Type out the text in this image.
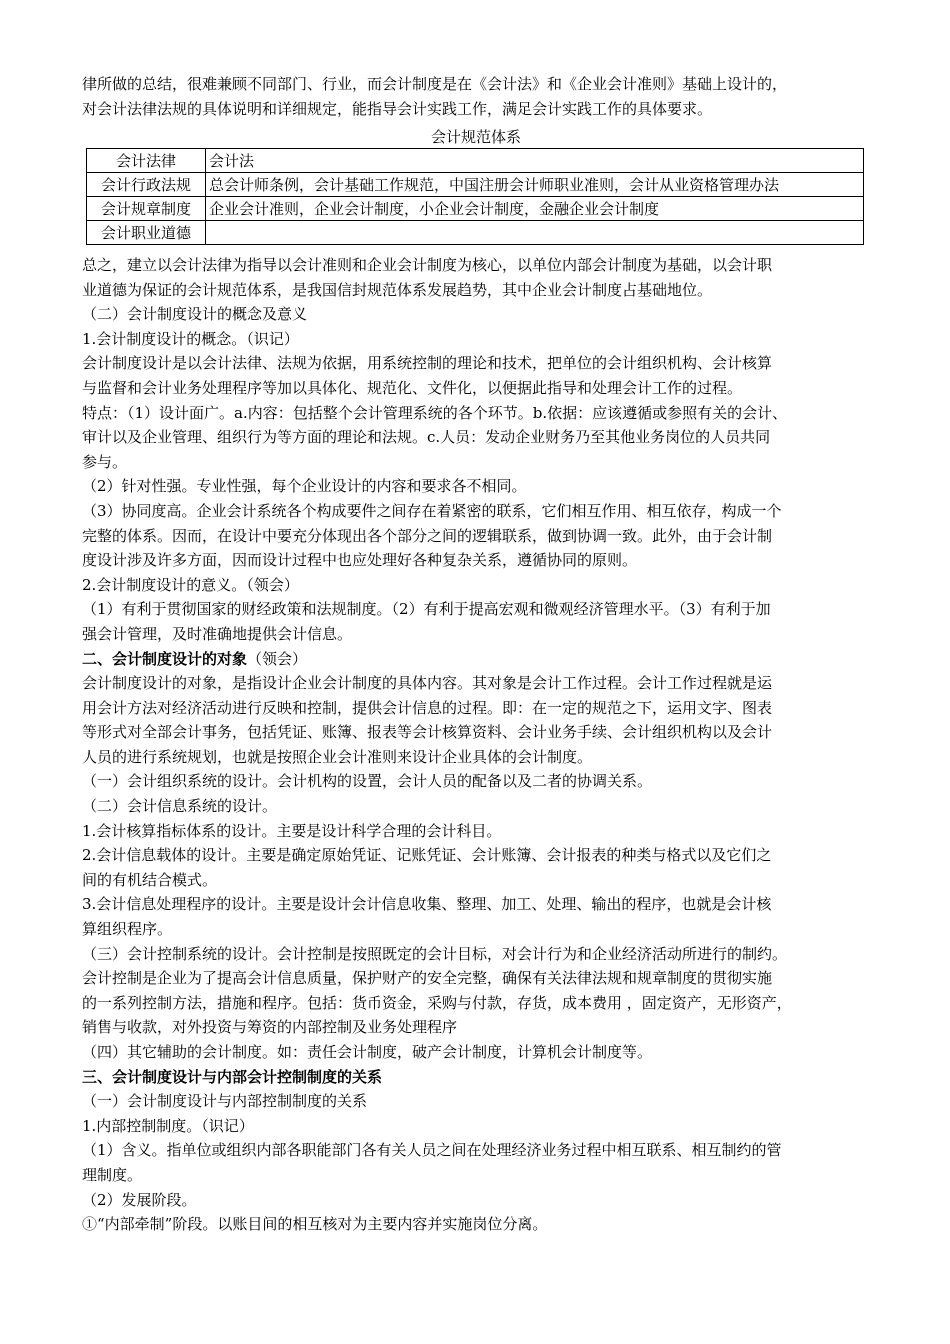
律所做的总结，很难兼顾不同部门、行业，而会计制度是在《会计法》和《企业会计准则》基础上设计的，

对会计法律法规的具体说明和详细规定，能指导会计实践工作，满足会计实践工作的具体要求。

会计规范体系
会计法律	会计法
会计行政法规	总会计师条例，会计基础工作规范，中国注册会计师职业准则，会计从业资格管理办法
会计规章制度	企业会计准则，企业会计制度，小企业会计制度，金融企业会计制度
会计职业道德	

总之，建立以会计法律为指导以会计准则和企业会计制度为核心，以单位内部会计制度为基础，以会计职

业道德为保证的会计规范体系，是我国信封规范体系发展趋势，其中企业会计制度占基础地位。

（二）会计制度设计的概念及意义

1.会计制度设计的概念。（识记）

会计制度设计是以会计法律、法规为依据，用系统控制的理论和技术，把单位的会计组织机构、会计核算

与监督和会计业务处理程序等加以具体化、规范化、文件化，以便据此指导和处理会计工作的过程。

特点：（1）设计面广。a.内容：包括整个会计管理系统的各个环节。b.依据：应该遵循或参照有关的会计、

审计以及企业管理、组织行为等方面的理论和法规。c.人员：发动企业财务乃至其他业务岗位的人员共同

参与。

（2）针对性强。专业性强，每个企业设计的内容和要求各不相同。

（3）协同度高。企业会计系统各个构成要件之间存在着紧密的联系，它们相互作用、相互依存，构成一个

完整的体系。因而，在设计中要充分体现出各个部分之间的逻辑联系，做到协调一致。此外，由于会计制

度设计涉及许多方面，因而设计过程中也应处理好各种复杂关系，遵循协同的原则。

2.会计制度设计的意义。（领会）

（1）有利于贯彻国家的财经政策和法规制度。（2）有利于提高宏观和微观经济管理水平。（3）有利于加

强会计管理，及时准确地提供会计信息。

二、会计制度设计的对象（领会）

会计制度设计的对象，是指设计企业会计制度的具体内容。其对象是会计工作过程。会计工作过程就是运

用会计方法对经济活动进行反映和控制，提供会计信息的过程。即：在一定的规范之下，运用文字、图表

等形式对全部会计事务，包括凭证、账簿、报表等会计核算资料、会计业务手续、会计组织机构以及会计

人员的进行系统规划，也就是按照企业会计准则来设计企业具体的会计制度。

（一）会计组织系统的设计。会计机构的设置，会计人员的配备以及二者的协调关系。

（二）会计信息系统的设计。

1.会计核算指标体系的设计。主要是设计科学合理的会计科目。

2.会计信息载体的设计。主要是确定原始凭证、记账凭证、会计账簿、会计报表的种类与格式以及它们之

间的有机结合模式。

3.会计信息处理程序的设计。主要是设计会计信息收集、整理、加工、处理、输出的程序，也就是会计核

算组织程序。

（三）会计控制系统的设计。会计控制是按照既定的会计目标，对会计行为和企业经济活动所进行的制约。

会计控制是企业为了提高会计信息质量，保护财产的安全完整，确保有关法律法规和规章制度的贯彻实施

的一系列控制方法，措施和程序。包括：货币资金，采购与付款，存货，成本费用 ，固定资产，无形资产，

销售与收款，对外投资与筹资的内部控制及业务处理程序

（四）其它辅助的会计制度。如：责任会计制度，破产会计制度，计算机会计制度等。

三、会计制度设计与内部会计控制制度的关系

（一）会计制度设计与内部控制制度的关系

1.内部控制制度。（识记）

（1）含义。指单位或组织内部各职能部门各有关人员之间在处理经济业务过程中相互联系、相互制约的管

理制度。

（2）发展阶段。

①“内部牵制”阶段。以账目间的相互核对为主要内容并实施岗位分离。
